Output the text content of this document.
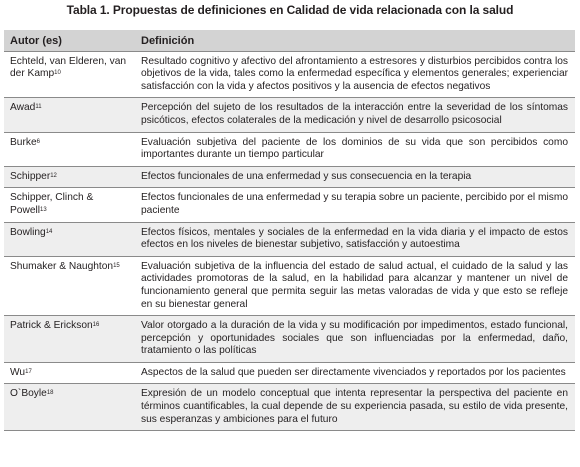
Tabla 1. Propuestas de definiciones en Calidad de vida relacionada con la salud
Autor (es)	Definición
Echteld, van Elderen, van der Kamp$^{10}$	Resultado cognitivo y afectivo del afrontamiento a estresores y disturbios percibidos contra los objetivos de la vida, tales como la enfermedad específica y elementos generales; experienciar satisfacción con la vida y afectos positivos y la ausencia de efectos negativos
Awad$^{11}$	Percepción del sujeto de los resultados de la interacción entre la severidad de los síntomas psicóticos, efectos colaterales de la medicación y nivel de desarrollo psicosocial
Burke$^6$	Evaluación subjetiva del paciente de los dominios de su vida que son percibidos como importantes durante un tiempo particular
Schipper$^{12}$	Efectos funcionales de una enfermedad y sus consecuencia en la terapia
Schipper, Clinch & Powell$^{13}$	Efectos funcionales de una enfermedad y su terapia sobre un paciente, percibido por el mismo paciente
Bowling$^{14}$	Efectos físicos, mentales y sociales de la enfermedad en la vida diaria y el impacto de estos efectos en los niveles de bienestar subjetivo, satisfacción y autoestima
Shumaker & Naughton$^{15}$	Evaluación subjetiva de la influencia del estado de salud actual, el cuidado de la salud y las actividades promotoras de la salud, en la habilidad para alcanzar y mantener un nivel de funcionamiento general que permita seguir las metas valoradas de vida y que esto se refleje en su bienestar general
Patrick & Erickson$^{16}$	Valor otorgado a la duración de la vida y su modificación por impedimentos, estado funcional, percepción y oportunidades sociales que son influenciadas por la enfermedad, daño, tratamiento o las políticas
Wu$^{17}$	Aspectos de la salud que pueden ser directamente vivenciados y reportados por los pacientes
O`Boyle$^{18}$	Expresión de un modelo conceptual que intenta representar la perspectiva del paciente en términos cuantificables, la cual depende de su experiencia pasada, su estilo de vida presente, sus esperanzas y ambiciones para el futuro
